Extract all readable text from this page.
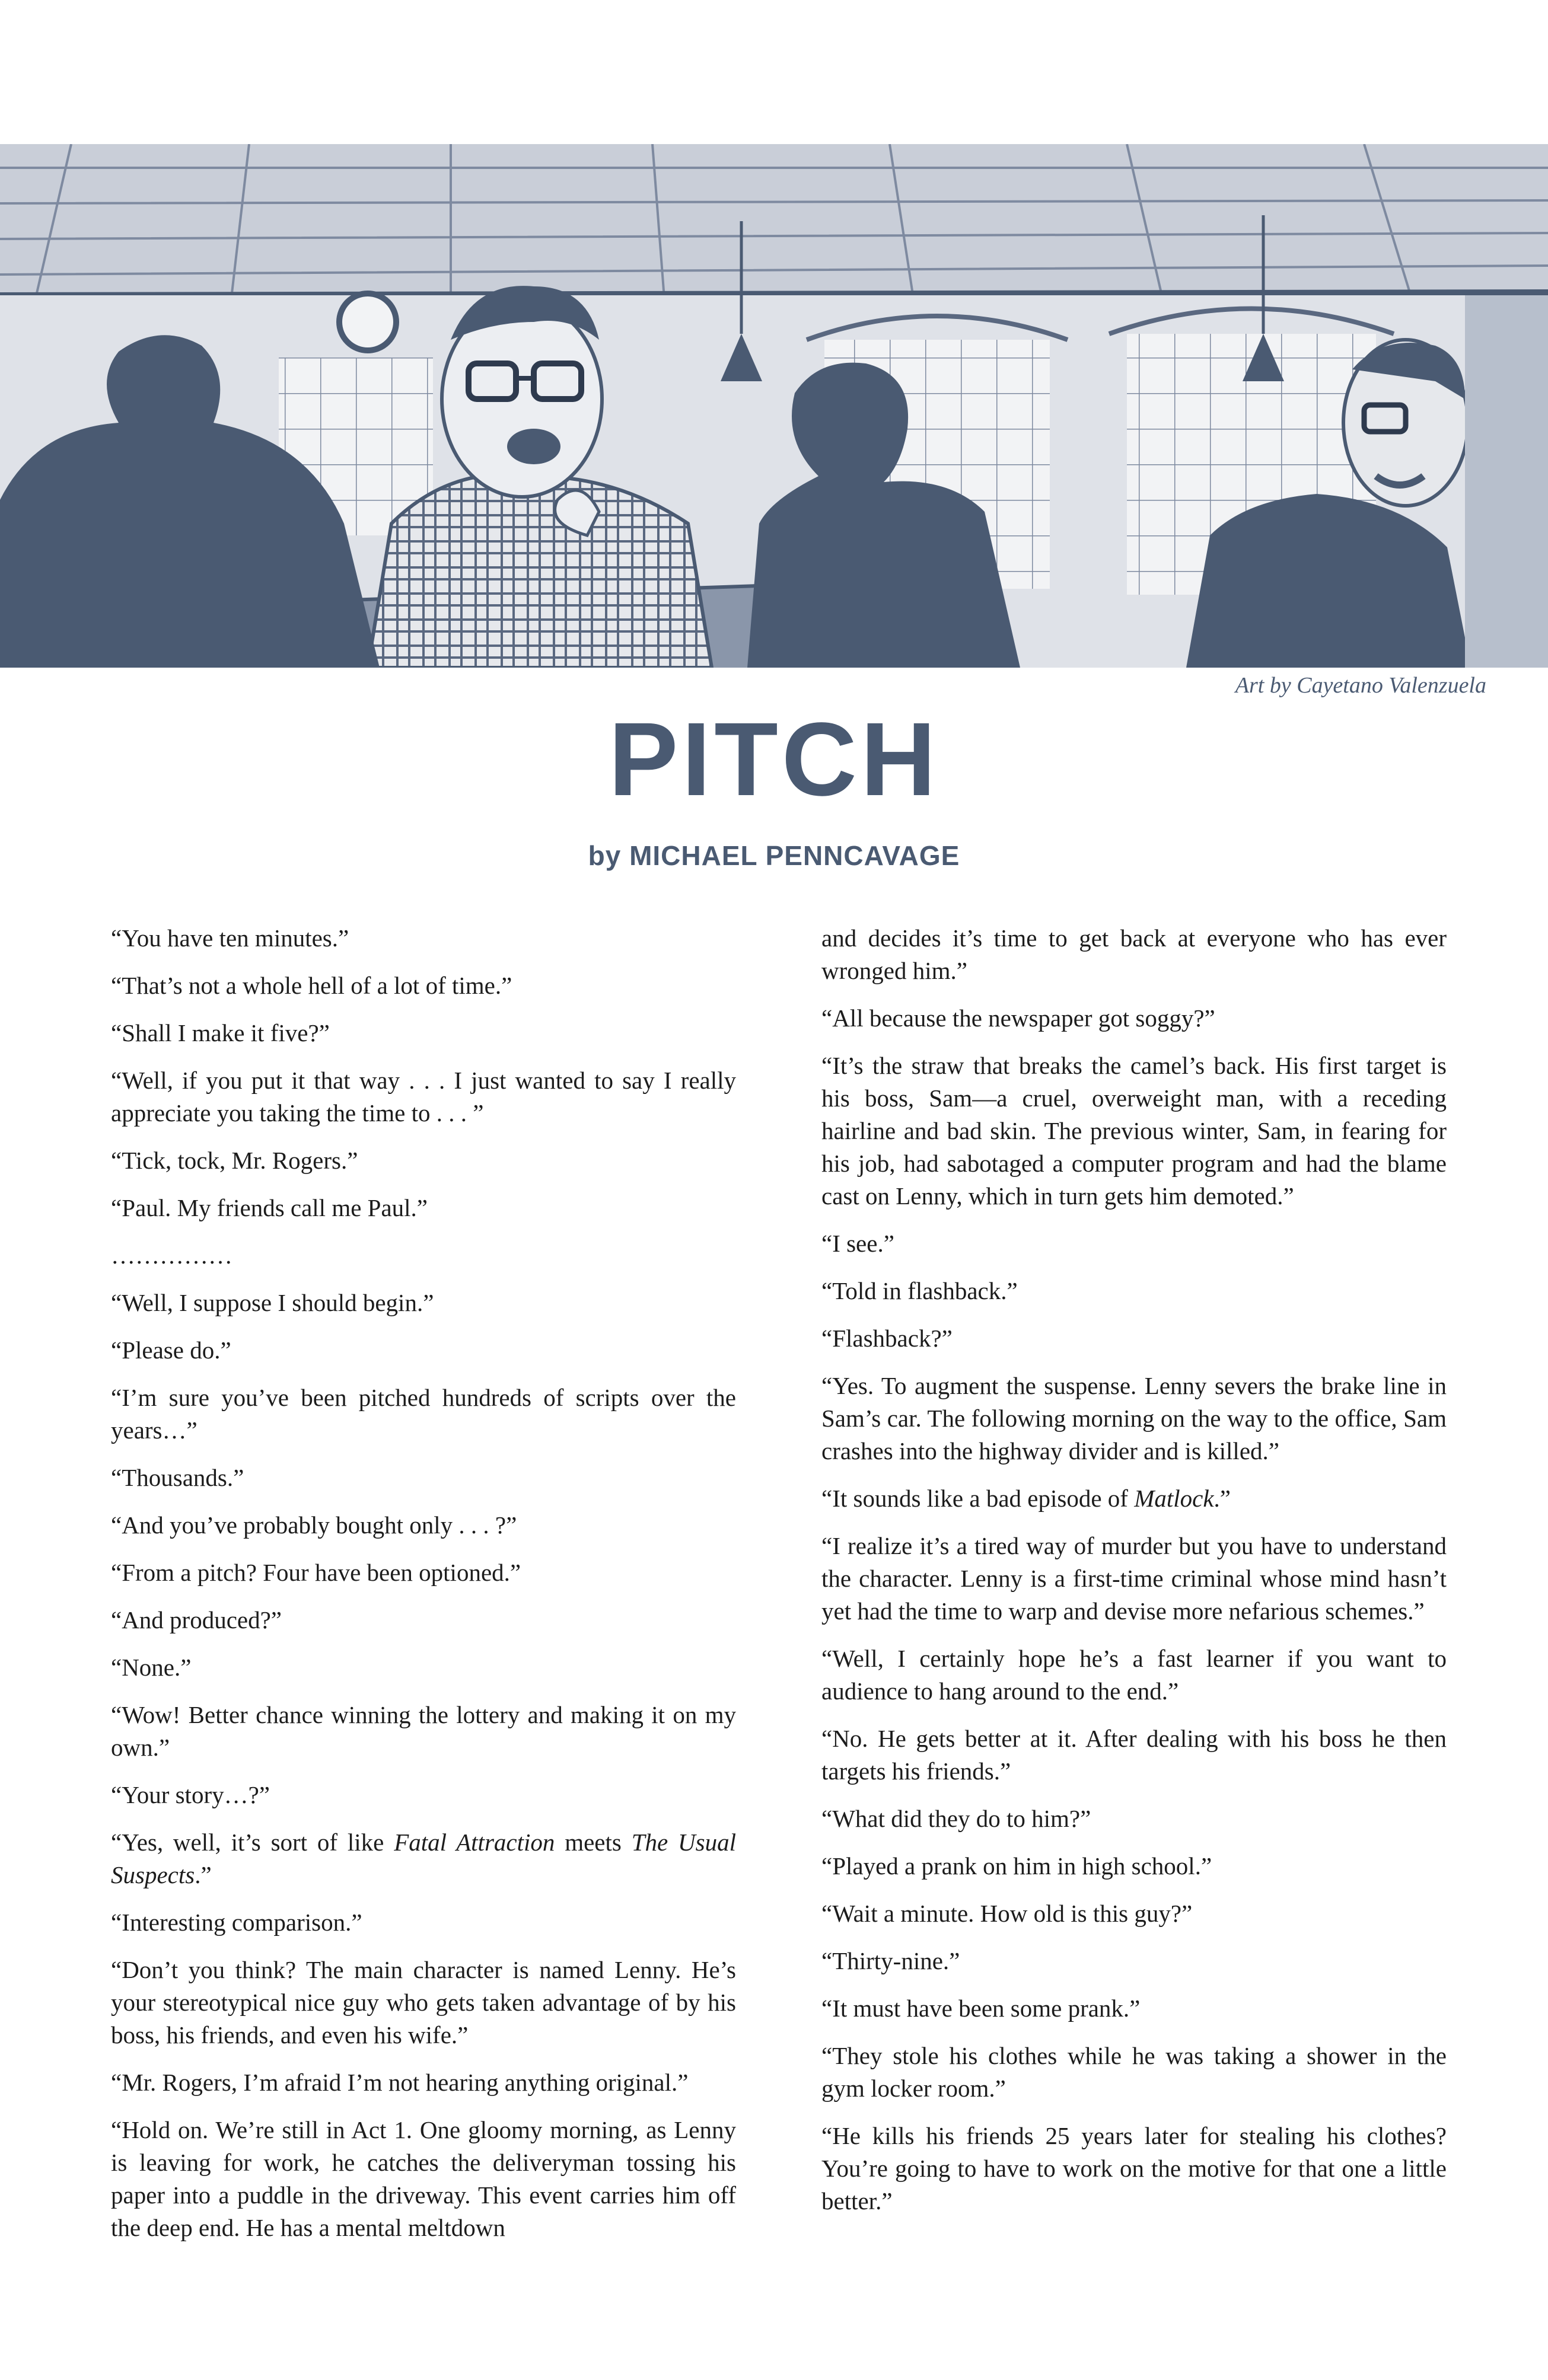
Art by Cayetano Valenzuela
PITCH
by MICHAEL PENNCAVAGE

“You have ten minutes.”

“That’s not a whole hell of a lot of time.”

“Shall I make it five?”

“Well, if you put it that way . . . I just wanted to say I really appreciate you taking the time to . . . ”

“Tick, tock, Mr. Rogers.”

“Paul. My friends call me Paul.”

……………

“Well, I suppose I should begin.”

“Please do.”

“I’m sure you’ve been pitched hundreds of scripts over the years…”

“Thousands.”

“And you’ve probably bought only . . . ?”

“From a pitch? Four have been optioned.”

“And produced?”

“None.”

“Wow! Better chance winning the lottery and making it on my own.”

“Your story…?”

“Yes, well, it’s sort of like Fatal Attraction meets The Usual Suspects.”

“Interesting comparison.”

“Don’t you think? The main character is named Lenny. He’s your stereotypical nice guy who gets taken advantage of by his boss, his friends, and even his wife.”

“Mr. Rogers, I’m afraid I’m not hearing anything original.”

“Hold on. We’re still in Act 1. One gloomy morning, as Lenny is leaving for work, he catches the deliveryman tossing his paper into a puddle in the driveway. This event carries him off the deep end. He has a mental meltdown

and decides it’s time to get back at everyone who has ever wronged him.”

“All because the newspaper got soggy?”

“It’s the straw that breaks the camel’s back. His first target is his boss, Sam—a cruel, overweight man, with a receding hairline and bad skin. The previous winter, Sam, in fearing for his job, had sabotaged a computer program and had the blame cast on Lenny, which in turn gets him demoted.”

“I see.”

“Told in flashback.”

“Flashback?”

“Yes. To augment the suspense. Lenny severs the brake line in Sam’s car. The following morning on the way to the office, Sam crashes into the highway divider and is killed.”

“It sounds like a bad episode of Matlock.”

“I realize it’s a tired way of murder but you have to understand the character. Lenny is a first-time criminal whose mind hasn’t yet had the time to warp and devise more nefarious schemes.”

“Well, I certainly hope he’s a fast learner if you want to audience to hang around to the end.”

“No. He gets better at it. After dealing with his boss he then targets his friends.”

“What did they do to him?”

“Played a prank on him in high school.”

“Wait a minute. How old is this guy?”

“Thirty-nine.”

“It must have been some prank.”

“They stole his clothes while he was taking a shower in the gym locker room.”

“He kills his friends 25 years later for stealing his clothes? You’re going to have to work on the motive for that one a little better.”
